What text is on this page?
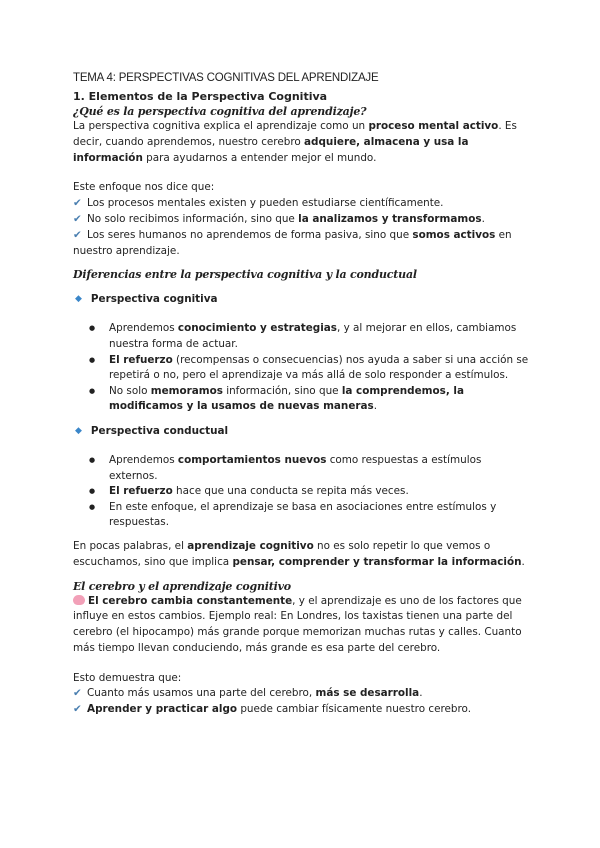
TEMA 4: PERSPECTIVAS COGNITIVAS DEL APRENDIZAJE
1. Elementos de la Perspectiva Cognitiva
¿Qué es la perspectiva cognitiva del aprendizaje?

La perspectiva cognitiva explica el aprendizaje como un proceso mental activo. Es decir, cuando aprendemos, nuestro cerebro adquiere, almacena y usa la información para ayudarnos a entender mejor el mundo.

Este enfoque nos dice que:

✔ Los procesos mentales existen y pueden estudiarse científicamente.

✔ No solo recibimos información, sino que la analizamos y transformamos.

✔ Los seres humanos no aprendemos de forma pasiva, sino que somos activos en nuestro aprendizaje.

Diferencias entre la perspectiva cognitiva y la conductual
◆ Perspectiva cognitiva
● Aprendemos conocimiento y estrategias, y al mejorar en ellos, cambiamos nuestra forma de actuar.
● El refuerzo (recompensas o consecuencias) nos ayuda a saber si una acción se repetirá o no, pero el aprendizaje va más allá de solo responder a estímulos.
● No solo memoramos información, sino que la comprendemos, la modificamos y la usamos de nuevas maneras.
◆ Perspectiva conductual
● Aprendemos comportamientos nuevos como respuestas a estímulos externos.
● El refuerzo hace que una conducta se repita más veces.
● En este enfoque, el aprendizaje se basa en asociaciones entre estímulos y respuestas.

En pocas palabras, el aprendizaje cognitivo no es solo repetir lo que vemos o escuchamos, sino que implica pensar, comprender y transformar la información.

El cerebro y el aprendizaje cognitivo

El cerebro cambia constantemente, y el aprendizaje es uno de los factores que influye en estos cambios. Ejemplo real: En Londres, los taxistas tienen una parte del cerebro (el hipocampo) más grande porque memorizan muchas rutas y calles. Cuanto más tiempo llevan conduciendo, más grande es esa parte del cerebro.

Esto demuestra que:

✔ Cuanto más usamos una parte del cerebro, más se desarrolla.

✔ Aprender y practicar algo puede cambiar físicamente nuestro cerebro.
